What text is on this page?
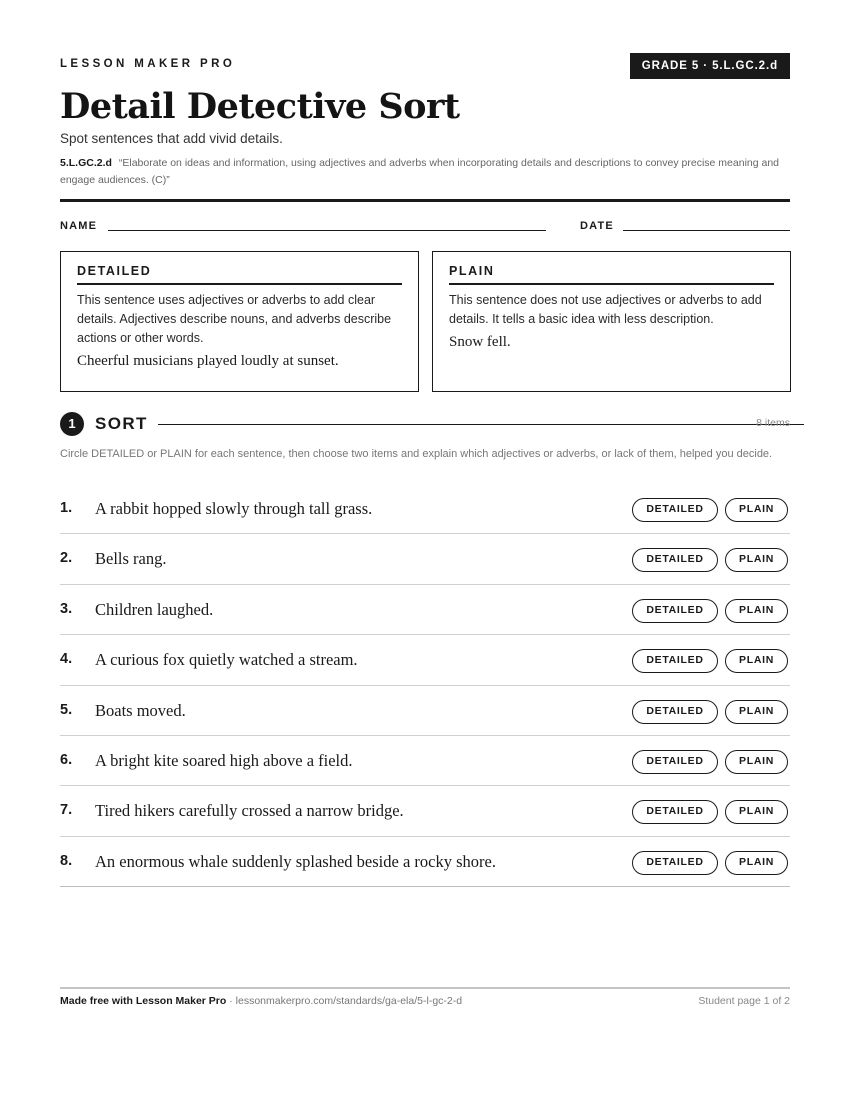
LESSON MAKER PRO	GRADE 5 · 5.L.GC.2.d
Detail Detective Sort
Spot sentences that add vivid details.
5.L.GC.2.d “Elaborate on ideas and information, using adjectives and adverbs when incorporating details and descriptions to convey precise meaning and engage audiences. (C)”
NAME	DATE
DETAILED
This sentence uses adjectives or adverbs to add clear details. Adjectives describe nouns, and adverbs describe actions or other words.
Cheerful musicians played loudly at sunset.
PLAIN
This sentence does not use adjectives or adverbs to add details. It tells a basic idea with less description.
Snow fell.
1	SORT	8 items
Circle DETAILED or PLAIN for each sentence, then choose two items and explain which adjectives or adverbs, or lack of them, helped you decide.
1.	A rabbit hopped slowly through tall grass.	DETAILED	PLAIN
2.	Bells rang.	DETAILED	PLAIN
3.	Children laughed.	DETAILED	PLAIN
4.	A curious fox quietly watched a stream.	DETAILED	PLAIN
5.	Boats moved.	DETAILED	PLAIN
6.	A bright kite soared high above a field.	DETAILED	PLAIN
7.	Tired hikers carefully crossed a narrow bridge.	DETAILED	PLAIN
8.	An enormous whale suddenly splashed beside a rocky shore.	DETAILED	PLAIN
Made free with Lesson Maker Pro · lessonmakerpro.com/standards/ga-ela/5-l-gc-2-d	Student page 1 of 2
